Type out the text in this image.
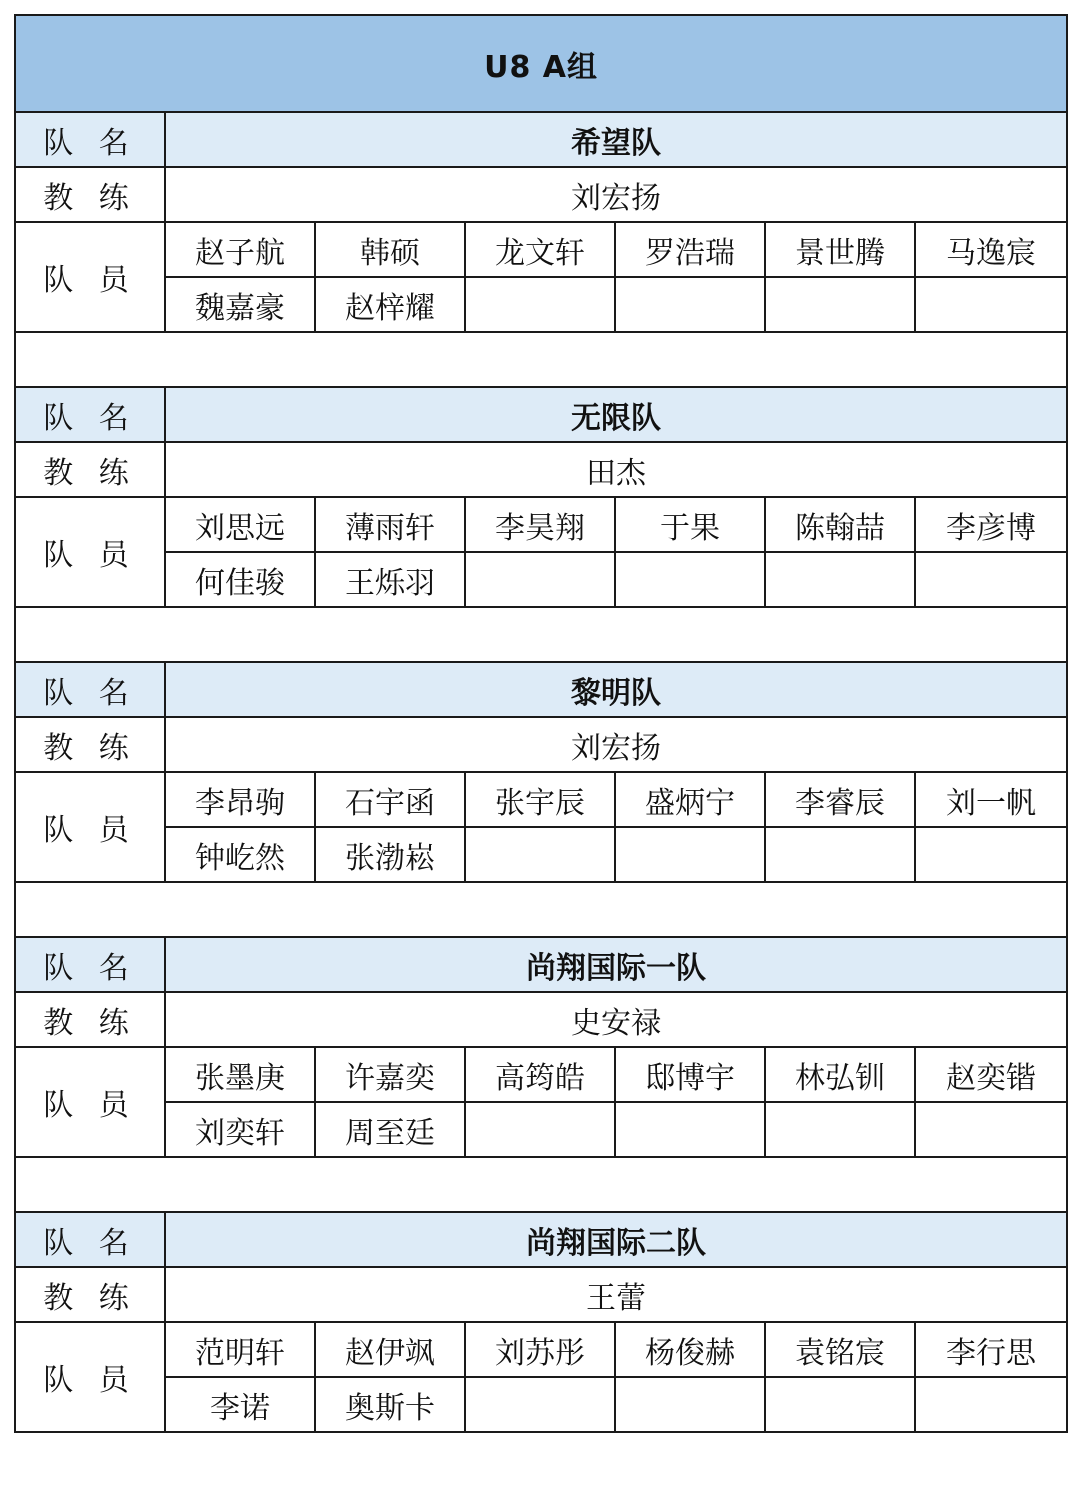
U8 A组						
队 名	希望队					
教 练	刘宏扬					
队 员	赵子航	韩硕	龙文轩	罗浩瑞	景世腾	马逸宸
	魏嘉豪	赵梓耀				

队 名	无限队					
教 练	田杰					
队 员	刘思远	薄雨轩	李昊翔	于果	陈翰喆	李彦博
	何佳骏	王烁羽				

队 名	黎明队					
教 练	刘宏扬					
队 员	李昂驹	石宇函	张宇辰	盛炳宁	李睿辰	刘一帆
	钟屹然	张渤崧				

队 名	尚翔国际一队					
教 练	史安禄					
队 员	张墨庚	许嘉奕	高筠皓	邸博宇	林弘钏	赵奕锴
	刘奕轩	周至廷				

队 名	尚翔国际二队					
教 练	王蕾					
队 员	范明轩	赵伊飒	刘苏彤	杨俊赫	袁铭宸	李行思
	李诺	奥斯卡				
